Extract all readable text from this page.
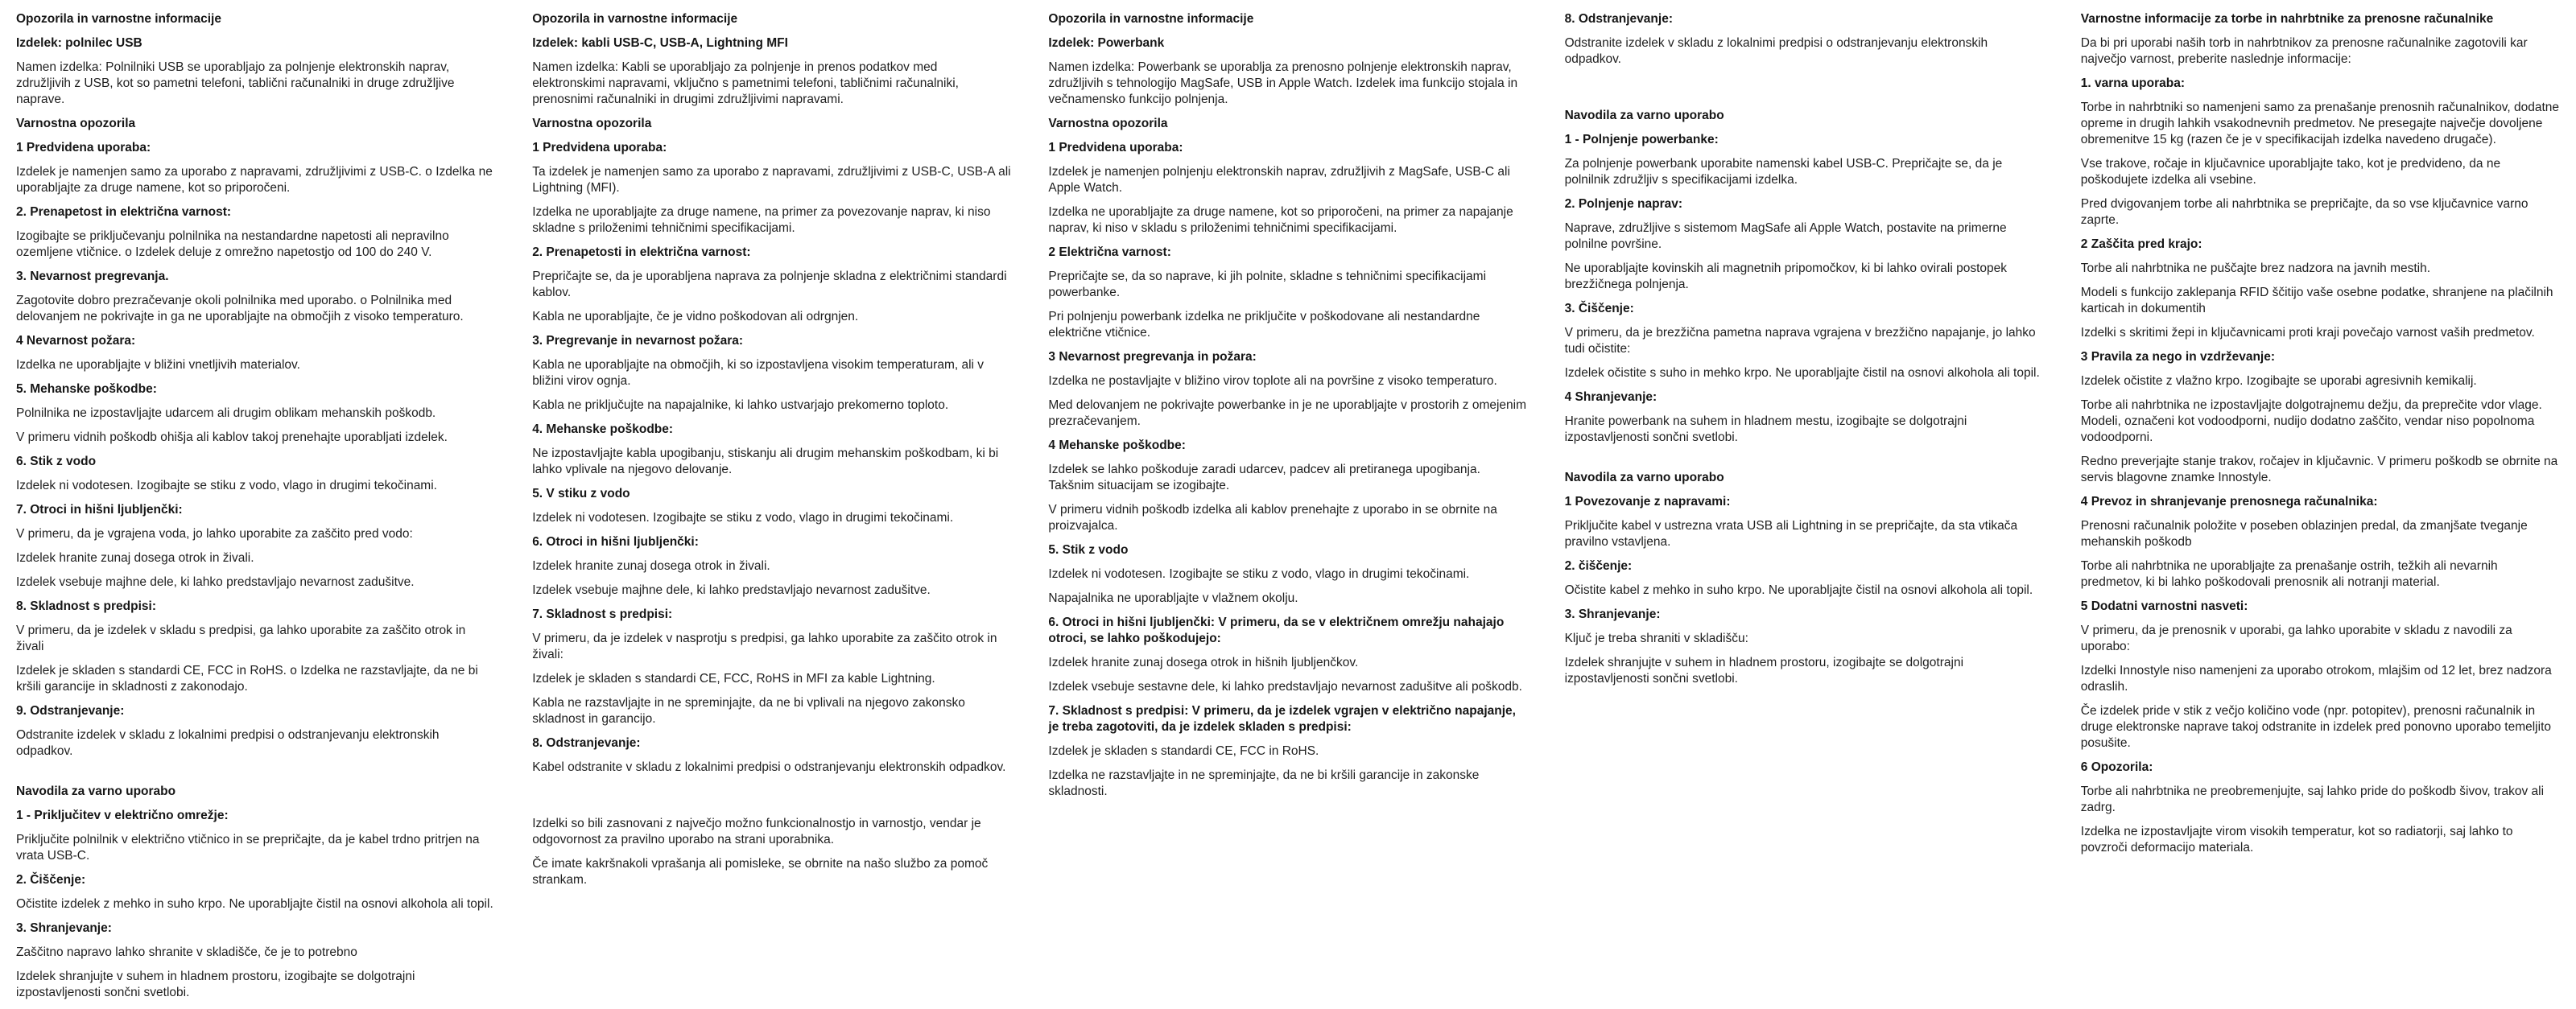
Opozorila in varnostne informacije
Izdelek: polnilec USB
Namen izdelka: Polnilniki USB se uporabljajo za polnjenje elektronskih naprav, združljivih z USB, kot so pametni telefoni, tablični računalniki in druge združljive naprave.
Varnostna opozorila
1 Predvidena uporaba:
Izdelek je namenjen samo za uporabo z napravami, združljivimi z USB-C. o Izdelka ne uporabljajte za druge namene, kot so priporočeni.
2. Prenapetost in električna varnost:
Izogibajte se priključevanju polnilnika na nestandardne napetosti ali nepravilno ozemljene vtičnice. o Izdelek deluje z omrežno napetostjo od 100 do 240 V.
3. Nevarnost pregrevanja.
Zagotovite dobro prezračevanje okoli polnilnika med uporabo. o Polnilnika med delovanjem ne pokrivajte in ga ne uporabljajte na območjih z visoko temperaturo.
4 Nevarnost požara:
Izdelka ne uporabljajte v bližini vnetljivih materialov.
5. Mehanske poškodbe:
Polnilnika ne izpostavljajte udarcem ali drugim oblikam mehanskih poškodb.
V primeru vidnih poškodb ohišja ali kablov takoj prenehajte uporabljati izdelek.
6. Stik z vodo
Izdelek ni vodotesen. Izogibajte se stiku z vodo, vlago in drugimi tekočinami.
7. Otroci in hišni ljubljenčki:
V primeru, da je vgrajena voda, jo lahko uporabite za zaščito pred vodo:
Izdelek hranite zunaj dosega otrok in živali.
Izdelek vsebuje majhne dele, ki lahko predstavljajo nevarnost zadušitve.
8. Skladnost s predpisi:
V primeru, da je izdelek v skladu s predpisi, ga lahko uporabite za zaščito otrok in živali
Izdelek je skladen s standardi CE, FCC in RoHS. o Izdelka ne razstavljajte, da ne bi kršili garancije in skladnosti z zakonodajo.
9. Odstranjevanje:
Odstranite izdelek v skladu z lokalnimi predpisi o odstranjevanju elektronskih odpadkov.
Navodila za varno uporabo
1 - Priključitev v električno omrežje:
Priključite polnilnik v električno vtičnico in se prepričajte, da je kabel trdno pritrjen na vrata USB-C.
2. Čiščenje:
Očistite izdelek z mehko in suho krpo. Ne uporabljajte čistil na osnovi alkohola ali topil.
3. Shranjevanje:
Zaščitno napravo lahko shranite v skladišče, če je to potrebno
Izdelek shranjujte v suhem in hladnem prostoru, izogibajte se dolgotrajni izpostavljenosti sončni svetlobi.
Opozorila in varnostne informacije
Izdelek: kabli USB-C, USB-A, Lightning MFI
Namen izdelka: Kabli se uporabljajo za polnjenje in prenos podatkov med elektronskimi napravami, vključno s pametnimi telefoni, tabličnimi računalniki, prenosnimi računalniki in drugimi združljivimi napravami.
Varnostna opozorila
1 Predvidena uporaba:
Ta izdelek je namenjen samo za uporabo z napravami, združljivimi z USB-C, USB-A ali Lightning (MFI).
Izdelka ne uporabljajte za druge namene, na primer za povezovanje naprav, ki niso skladne s priloženimi tehničnimi specifikacijami.
2. Prenapetosti in električna varnost:
Prepričajte se, da je uporabljena naprava za polnjenje skladna z električnimi standardi kablov.
Kabla ne uporabljajte, če je vidno poškodovan ali odrgnjen.
3. Pregrevanje in nevarnost požara:
Kabla ne uporabljajte na območjih, ki so izpostavljena visokim temperaturam, ali v bližini virov ognja.
Kabla ne priključujte na napajalnike, ki lahko ustvarjajo prekomerno toploto.
4. Mehanske poškodbe:
Ne izpostavljajte kabla upogibanju, stiskanju ali drugim mehanskim poškodbam, ki bi lahko vplivale na njegovo delovanje.
5. V stiku z vodo
Izdelek ni vodotesen. Izogibajte se stiku z vodo, vlago in drugimi tekočinami.
6. Otroci in hišni ljubljenčki:
Izdelek hranite zunaj dosega otrok in živali.
Izdelek vsebuje majhne dele, ki lahko predstavljajo nevarnost zadušitve.
7. Skladnost s predpisi:
V primeru, da je izdelek v nasprotju s predpisi, ga lahko uporabite za zaščito otrok in živali:
Izdelek je skladen s standardi CE, FCC, RoHS in MFI za kable Lightning.
Kabla ne razstavljajte in ne spreminjajte, da ne bi vplivali na njegovo zakonsko skladnost in garancijo.
8. Odstranjevanje:
Kabel odstranite v skladu z lokalnimi predpisi o odstranjevanju elektronskih odpadkov.
Izdelki so bili zasnovani z največjo možno funkcionalnostjo in varnostjo, vendar je odgovornost za pravilno uporabo na strani uporabnika.
Če imate kakršnakoli vprašanja ali pomisleke, se obrnite na našo službo za pomoč strankam.
Opozorila in varnostne informacije
Izdelek: Powerbank
Namen izdelka: Powerbank se uporablja za prenosno polnjenje elektronskih naprav, združljivih s tehnologijo MagSafe, USB in Apple Watch. Izdelek ima funkcijo stojala in večnamensko funkcijo polnjenja.
Varnostna opozorila
1 Predvidena uporaba:
Izdelek je namenjen polnjenju elektronskih naprav, združljivih z MagSafe, USB-C ali Apple Watch.
Izdelka ne uporabljajte za druge namene, kot so priporočeni, na primer za napajanje naprav, ki niso v skladu s priloženimi tehničnimi specifikacijami.
2 Električna varnost:
Prepričajte se, da so naprave, ki jih polnite, skladne s tehničnimi specifikacijami powerbanke.
Pri polnjenju powerbank izdelka ne priključite v poškodovane ali nestandardne električne vtičnice.
3 Nevarnost pregrevanja in požara:
Izdelka ne postavljajte v bližino virov toplote ali na površine z visoko temperaturo.
Med delovanjem ne pokrivajte powerbanke in je ne uporabljajte v prostorih z omejenim prezračevanjem.
4 Mehanske poškodbe:
Izdelek se lahko poškoduje zaradi udarcev, padcev ali pretiranega upogibanja. Takšnim situacijam se izogibajte.
V primeru vidnih poškodb izdelka ali kablov prenehajte z uporabo in se obrnite na proizvajalca.
5. Stik z vodo
Izdelek ni vodotesen. Izogibajte se stiku z vodo, vlago in drugimi tekočinami.
Napajalnika ne uporabljajte v vlažnem okolju.
6. Otroci in hišni ljubljenčki: V primeru, da se v električnem omrežju nahajajo otroci, se lahko poškodujejo:
Izdelek hranite zunaj dosega otrok in hišnih ljubljenčkov.
Izdelek vsebuje sestavne dele, ki lahko predstavljajo nevarnost zadušitve ali poškodb.
7. Skladnost s predpisi: V primeru, da je izdelek vgrajen v električno napajanje, je treba zagotoviti, da je izdelek skladen s predpisi:
Izdelek je skladen s standardi CE, FCC in RoHS.
Izdelka ne razstavljajte in ne spreminjajte, da ne bi kršili garancije in zakonske skladnosti.
8. Odstranjevanje:
Odstranite izdelek v skladu z lokalnimi predpisi o odstranjevanju elektronskih odpadkov.
Navodila za varno uporabo
1 - Polnjenje powerbanke:
Za polnjenje powerbank uporabite namenski kabel USB-C. Prepričajte se, da je polnilnik združljiv s specifikacijami izdelka.
2. Polnjenje naprav:
Naprave, združljive s sistemom MagSafe ali Apple Watch, postavite na primerne polnilne površine.
Ne uporabljajte kovinskih ali magnetnih pripomočkov, ki bi lahko ovirali postopek brezžičnega polnjenja.
3. Čiščenje:
V primeru, da je brezžična pametna naprava vgrajena v brezžično napajanje, jo lahko tudi očistite:
Izdelek očistite s suho in mehko krpo. Ne uporabljajte čistil na osnovi alkohola ali topil.
4 Shranjevanje:
Hranite powerbank na suhem in hladnem mestu, izogibajte se dolgotrajni izpostavljenosti sončni svetlobi.
Navodila za varno uporabo
1 Povezovanje z napravami:
Priključite kabel v ustrezna vrata USB ali Lightning in se prepričajte, da sta vtikača pravilno vstavljena.
2. čiščenje:
Očistite kabel z mehko in suho krpo. Ne uporabljajte čistil na osnovi alkohola ali topil.
3. Shranjevanje:
Ključ je treba shraniti v skladišču:
Izdelek shranjujte v suhem in hladnem prostoru, izogibajte se dolgotrajni izpostavljenosti sončni svetlobi.
Varnostne informacije za torbe in nahrbtnike za prenosne računalnike
Da bi pri uporabi naših torb in nahrbtnikov za prenosne računalnike zagotovili kar največjo varnost, preberite naslednje informacije:
1. varna uporaba:
Torbe in nahrbtniki so namenjeni samo za prenašanje prenosnih računalnikov, dodatne opreme in drugih lahkih vsakodnevnih predmetov. Ne presegajte največje dovoljene obremenitve 15 kg (razen če je v specifikacijah izdelka navedeno drugače).
Vse trakove, ročaje in ključavnice uporabljajte tako, kot je predvideno, da ne poškodujete izdelka ali vsebine.
Pred dvigovanjem torbe ali nahrbtnika se prepričajte, da so vse ključavnice varno zaprte.
2 Zaščita pred krajo:
Torbe ali nahrbtnika ne puščajte brez nadzora na javnih mestih.
Modeli s funkcijo zaklepanja RFID ščitijo vaše osebne podatke, shranjene na plačilnih karticah in dokumentih
Izdelki s skritimi žepi in ključavnicami proti kraji povečajo varnost vaših predmetov.
3 Pravila za nego in vzdrževanje:
Izdelek očistite z vlažno krpo. Izogibajte se uporabi agresivnih kemikalij.
Torbe ali nahrbtnika ne izpostavljajte dolgotrajnemu dežju, da preprečite vdor vlage. Modeli, označeni kot vodoodporni, nudijo dodatno zaščito, vendar niso popolnoma vodoodporni.
Redno preverjajte stanje trakov, ročajev in ključavnic. V primeru poškodb se obrnite na servis blagovne znamke Innostyle.
4 Prevoz in shranjevanje prenosnega računalnika:
Prenosni računalnik položite v poseben oblazinjen predal, da zmanjšate tveganje mehanskih poškodb
Torbe ali nahrbtnika ne uporabljajte za prenašanje ostrih, težkih ali nevarnih predmetov, ki bi lahko poškodovali prenosnik ali notranji material.
5 Dodatni varnostni nasveti:
V primeru, da je prenosnik v uporabi, ga lahko uporabite v skladu z navodili za uporabo:
Izdelki Innostyle niso namenjeni za uporabo otrokom, mlajšim od 12 let, brez nadzora odraslih.
Če izdelek pride v stik z večjo količino vode (npr. potopitev), prenosni računalnik in druge elektronske naprave takoj odstranite in izdelek pred ponovno uporabo temeljito posušite.
6 Opozorila:
Torbe ali nahrbtnika ne preobremenjujte, saj lahko pride do poškodb šivov, trakov ali zadrg.
Izdelka ne izpostavljajte virom visokih temperatur, kot so radiatorji, saj lahko to povzroči deformacijo materiala.
